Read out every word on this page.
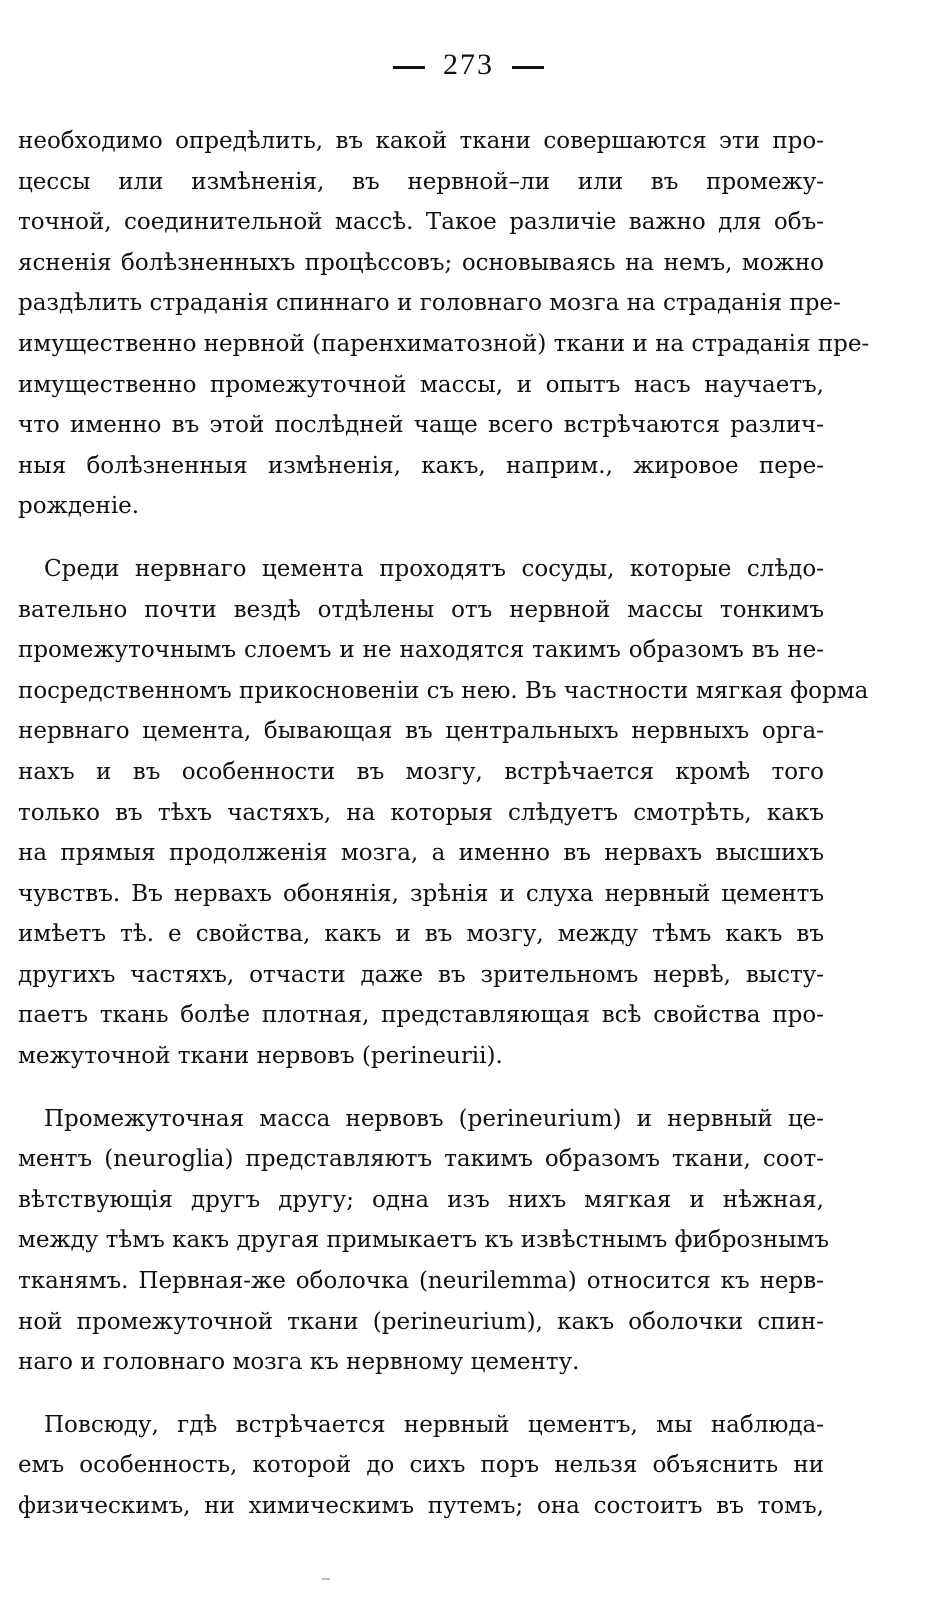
273
необходимо опредѣлить, въ какой ткани совершаются эти про-
цессы или измѣненія, въ нервной–ли или въ промежу-
точной, соединительной массѣ. Такое различіе важно для объ-
ясненія болѣзненныхъ процѣссовъ; основываясь на немъ, можно
раздѣлить страданія спиннаго и головнаго мозга на страданія пре-
имущественно нервной (паренхиматозной) ткани и на страданія пре-
имущественно промежуточной массы, и опытъ насъ научаетъ,
что именно въ этой послѣдней чаще всего встрѣчаются различ-
ныя болѣзненныя измѣненія, какъ, наприм., жировое пере-
рожденіе.
Среди нервнаго цемента проходятъ сосуды, которые слѣдо-
вательно почти вездѣ отдѣлены отъ нервной массы тонкимъ
промежуточнымъ слоемъ и не находятся такимъ образомъ въ не-
посредственномъ прикосновеніи съ нею. Въ частности мягкая форма
нервнаго цемента, бывающая въ центральныхъ нервныхъ орга-
нахъ и въ особенности въ мозгу, встрѣчается кромѣ того
только въ тѣхъ частяхъ, на которыя слѣдуетъ смотрѣть, какъ
на прямыя продолженія мозга, а именно въ нервахъ высшихъ
чувствъ. Въ нервахъ обонянія, зрѣнія и слуха нервный цементъ
имѣетъ тѣ. е свойства, какъ и въ мозгу, между тѣмъ какъ въ
другихъ частяхъ, отчасти даже въ зрительномъ нервѣ, высту-
паетъ ткань болѣе плотная, представляющая всѣ свойства про-
межуточной ткани нервовъ (perineurii).
Промежуточная масса нервовъ (perineurium) и нервный це-
ментъ (neuroglia) представляютъ такимъ образомъ ткани, соот-
вѣтствующія другъ другу; одна изъ нихъ мягкая и нѣжная,
между тѣмъ какъ другая примыкаетъ къ извѣстнымъ фибрознымъ
тканямъ. Первная-же оболочка (neurilemma) относится къ нерв-
ной промежуточной ткани (perineurium), какъ оболочки спин-
наго и головнаго мозга къ нервному цементу.
Повсюду, гдѣ встрѣчается нервный цементъ, мы наблюда-
емъ особенность, которой до сихъ поръ нельзя объяснить ни
физическимъ, ни химическимъ путемъ; она состоитъ въ томъ,
